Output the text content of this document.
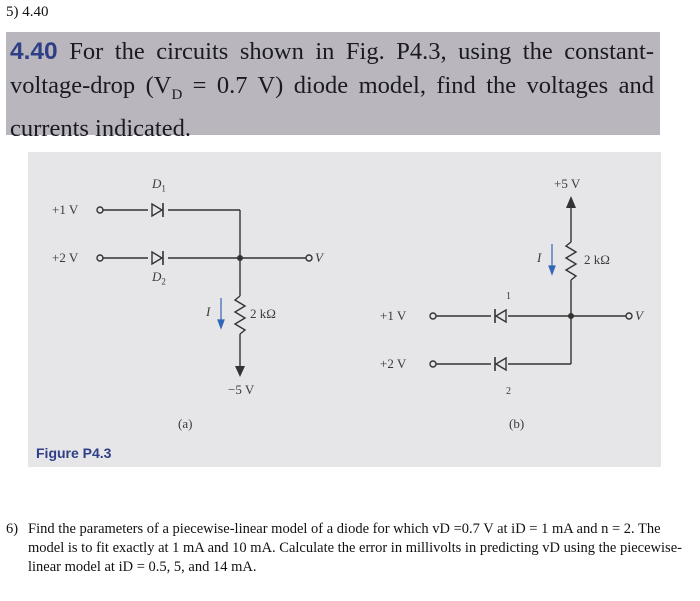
5) 4.40
4.40 For the circuits shown in Fig. P4.3, using the constant-voltage-drop ($V_D = 0.7$ V) diode model, find the voltages and currents indicated.
+1 V
+2 V
$D_1$
$D_2$
V
2 kΩ
I
−5 V
(a)
+5 V
I	2 kΩ
V
+1 V
+2 V
1
2
(b)
Figure P4.3
6) Find the parameters of a piecewise-linear model of a diode for which vD =0.7 V at iD = 1 mA and n = 2. The model is to fit exactly at 1 mA and 10 mA. Calculate the error in millivolts in predicting vD using the piecewise-linear model at iD = 0.5, 5, and 14 mA.
